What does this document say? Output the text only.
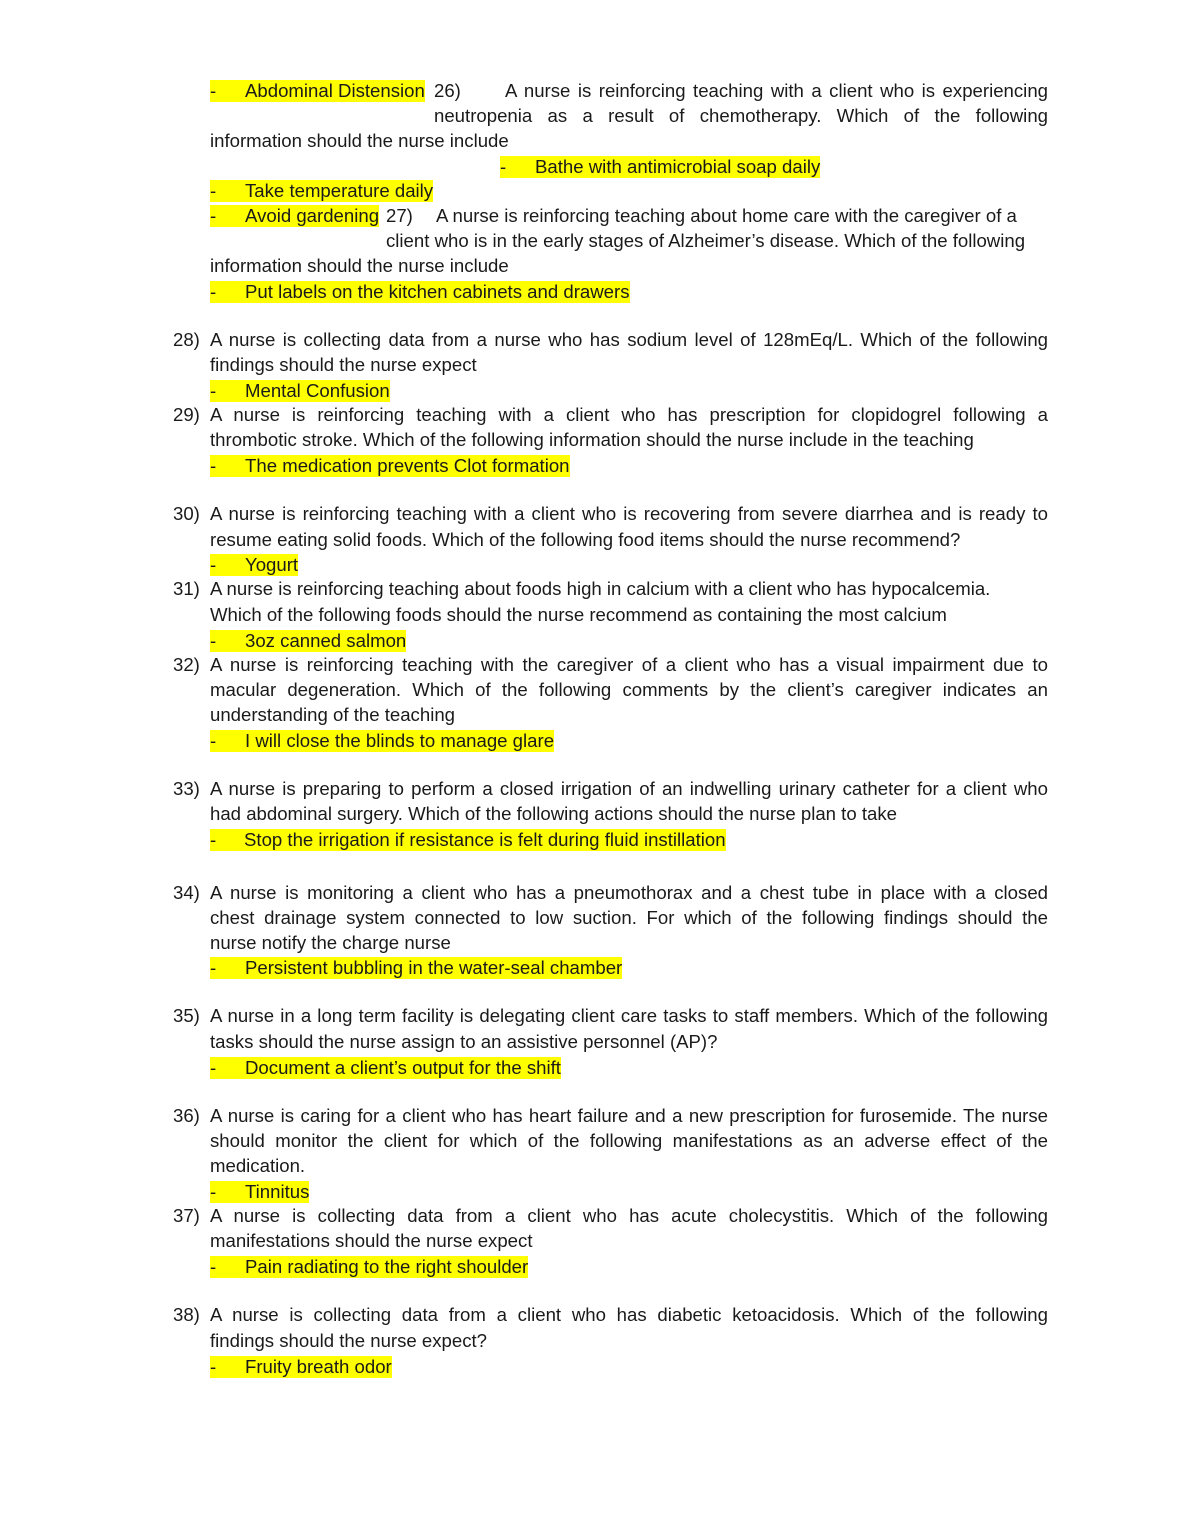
- Abdominal Distension 26) A nurse is reinforcing teaching with a client who is experiencing
neutropenia as a result of chemotherapy. Which of the following
information should the nurse include
- Bathe with antimicrobial soap daily
- Take temperature daily
- Avoid gardening 27) A nurse is reinforcing teaching about home care with the caregiver of a
client who is in the early stages of Alzheimer’s disease. Which of the following
information should the nurse include
- Put labels on the kitchen cabinets and drawers
28) A nurse is collecting data from a nurse who has sodium level of 128mEq/L. Which of the following
findings should the nurse expect
- Mental Confusion
29) A nurse is reinforcing teaching with a client who has prescription for clopidogrel following a
thrombotic stroke. Which of the following information should the nurse include in the teaching
- The medication prevents Clot formation
30) A nurse is reinforcing teaching with a client who is recovering from severe diarrhea and is ready to
resume eating solid foods. Which of the following food items should the nurse recommend?
- Yogurt
31) A nurse is reinforcing teaching about foods high in calcium with a client who has hypocalcemia.
Which of the following foods should the nurse recommend as containing the most calcium
- 3oz canned salmon
32) A nurse is reinforcing teaching with the caregiver of a client who has a visual impairment due to
macular degeneration. Which of the following comments by the client’s caregiver indicates an
understanding of the teaching
- I will close the blinds to manage glare
33) A nurse is preparing to perform a closed irrigation of an indwelling urinary catheter for a client who
had abdominal surgery. Which of the following actions should the nurse plan to take
- Stop the irrigation if resistance is felt during fluid instillation
34) A nurse is monitoring a client who has a pneumothorax and a chest tube in place with a closed
chest drainage system connected to low suction. For which of the following findings should the
nurse notify the charge nurse
- Persistent bubbling in the water-seal chamber
35) A nurse in a long term facility is delegating client care tasks to staff members. Which of the following
tasks should the nurse assign to an assistive personnel (AP)?
- Document a client’s output for the shift
36) A nurse is caring for a client who has heart failure and a new prescription for furosemide. The nurse
should monitor the client for which of the following manifestations as an adverse effect of the
medication.
- Tinnitus
37) A nurse is collecting data from a client who has acute cholecystitis. Which of the following
manifestations should the nurse expect
- Pain radiating to the right shoulder
38) A nurse is collecting data from a client who has diabetic ketoacidosis. Which of the following
findings should the nurse expect?
- Fruity breath odor
